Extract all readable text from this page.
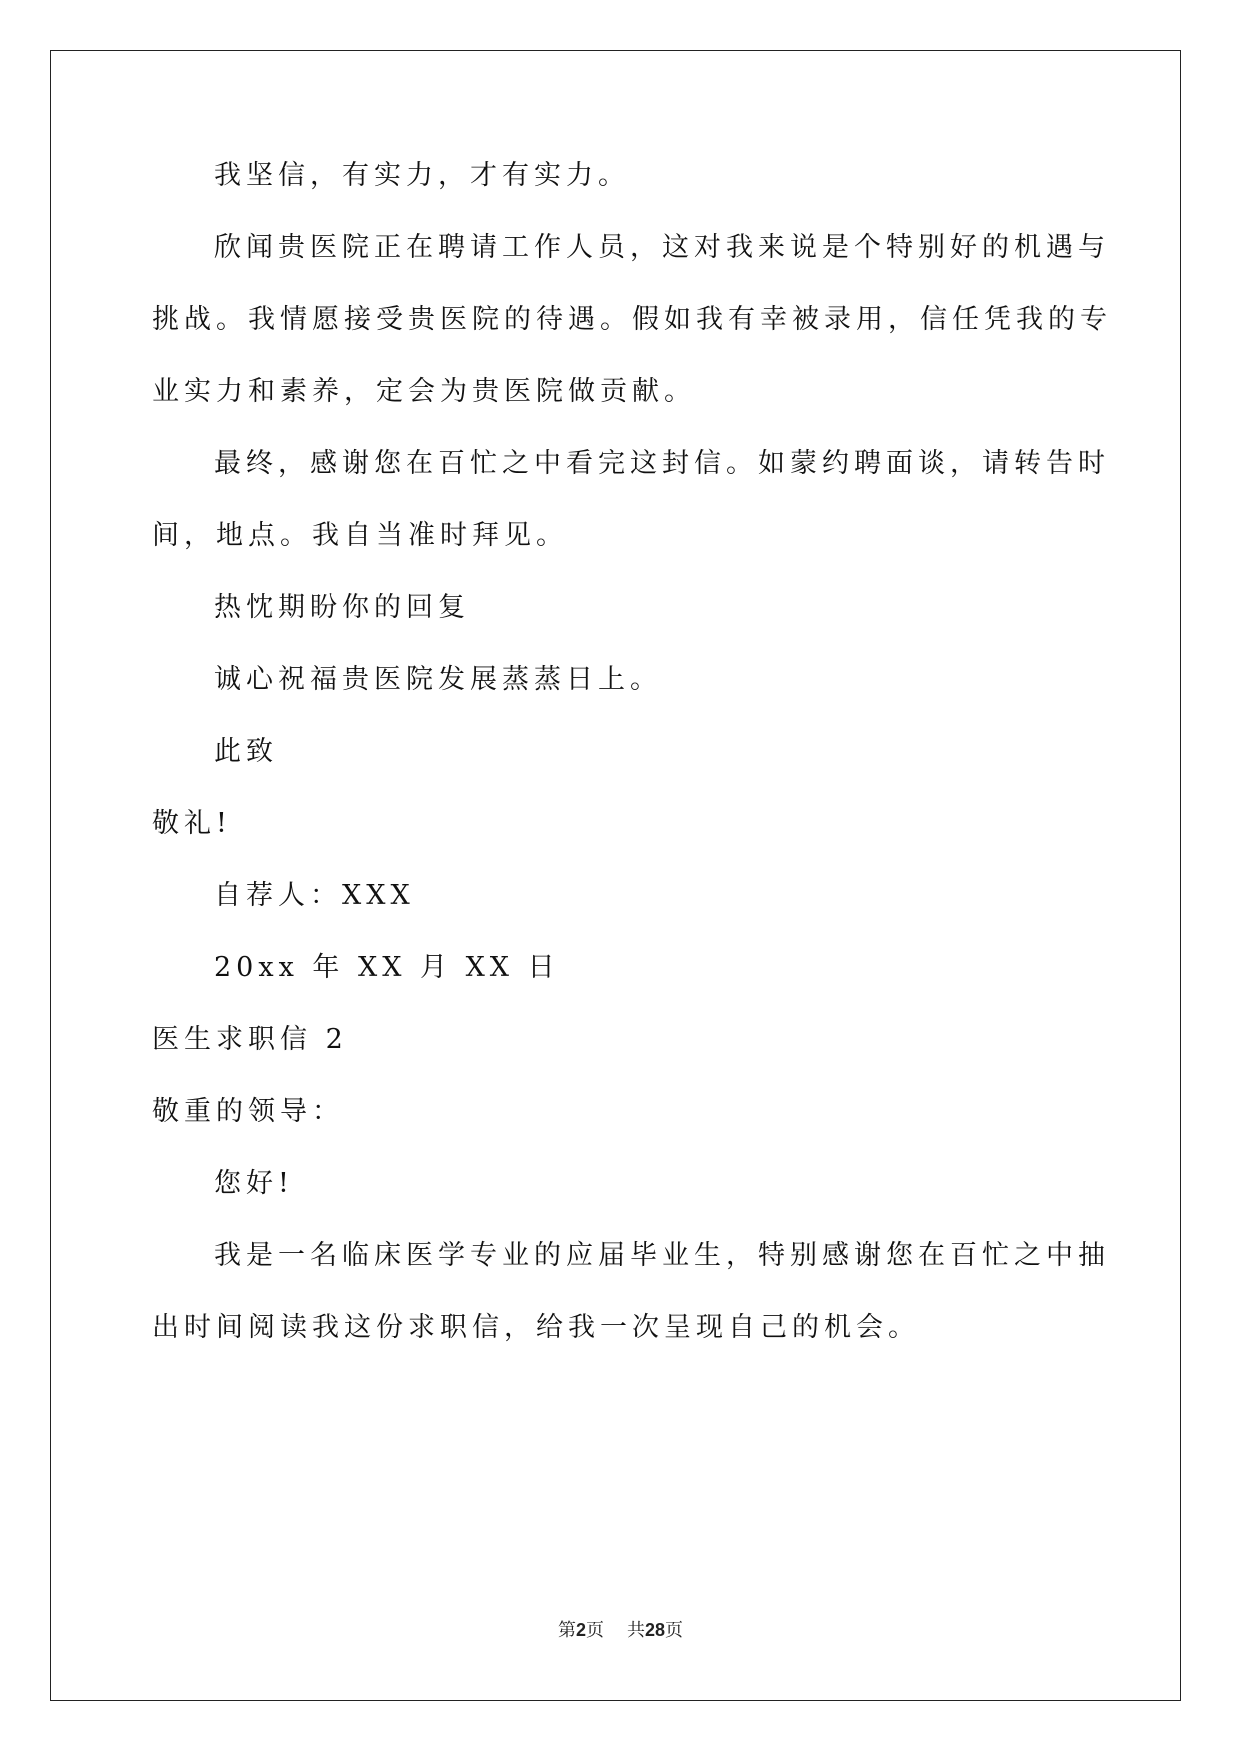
我坚信，有实力，才有实力。
欣闻贵医院正在聘请工作人员，这对我来说是个特别好的机遇与
挑战。我情愿接受贵医院的待遇。假如我有幸被录用，信任凭我的专
业实力和素养，定会为贵医院做贡献。
最终，感谢您在百忙之中看完这封信。如蒙约聘面谈，请转告时
间，地点。我自当准时拜见。
热忱期盼你的回复
诚心祝福贵医院发展蒸蒸日上。
此致
敬礼!
自荐人：XXX
20xx 年 XX 月 XX 日
医生求职信 2
敬重的领导：
您好!
我是一名临床医学专业的应届毕业生，特别感谢您在百忙之中抽
出时间阅读我这份求职信，给我一次呈现自己的机会。
第2页 共28页
